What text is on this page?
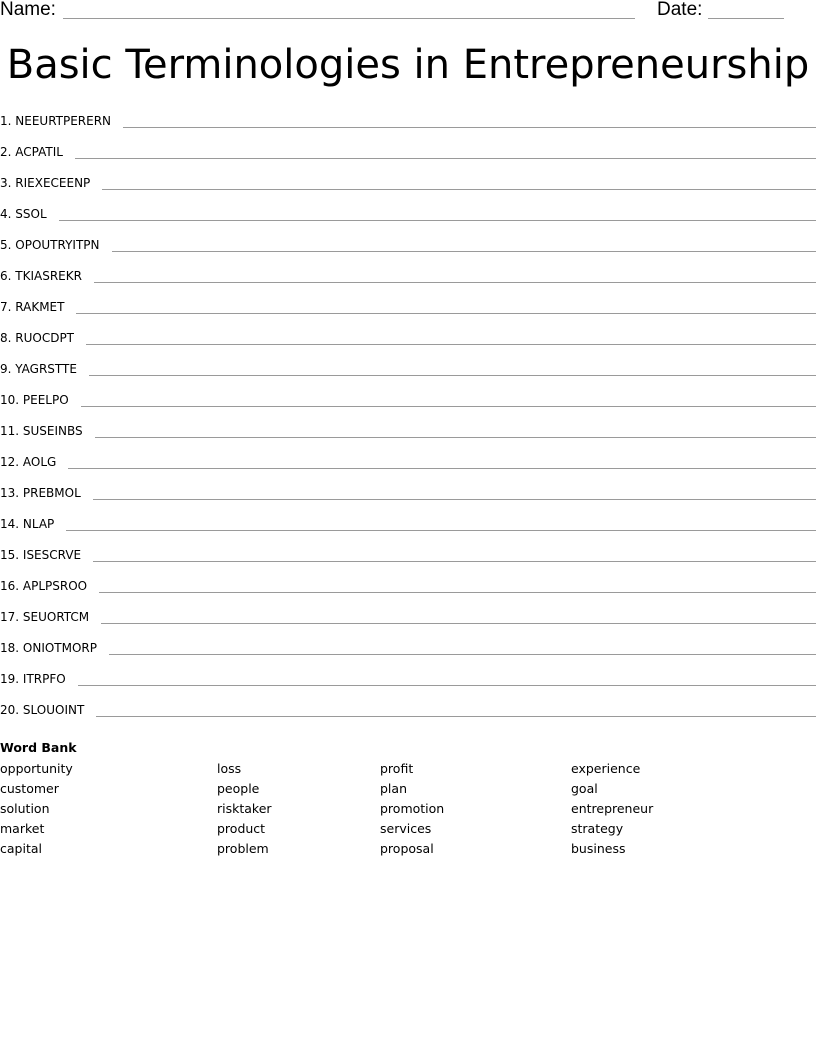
Name:	Date:
Basic Terminologies in Entrepreneurship
1. NEEURTPERERN
2. ACPATIL
3. RIEXECEENP
4. SSOL
5. OPOUTRYITPN
6. TKIASREKR
7. RAKMET
8. RUOCDPT
9. YAGRSTTE
10. PEELPO
11. SUSEINBS
12. AOLG
13. PREBMOL
14. NLAP
15. ISESCRVE
16. APLPSROO
17. SEUORTCM
18. ONIOTMORP
19. ITRPFO
20. SLOUOINT
Word Bank
opportunity
customer
solution
market
capital
loss
people
risktaker
product
problem
profit
plan
promotion
services
proposal
experience
goal
entrepreneur
strategy
business
